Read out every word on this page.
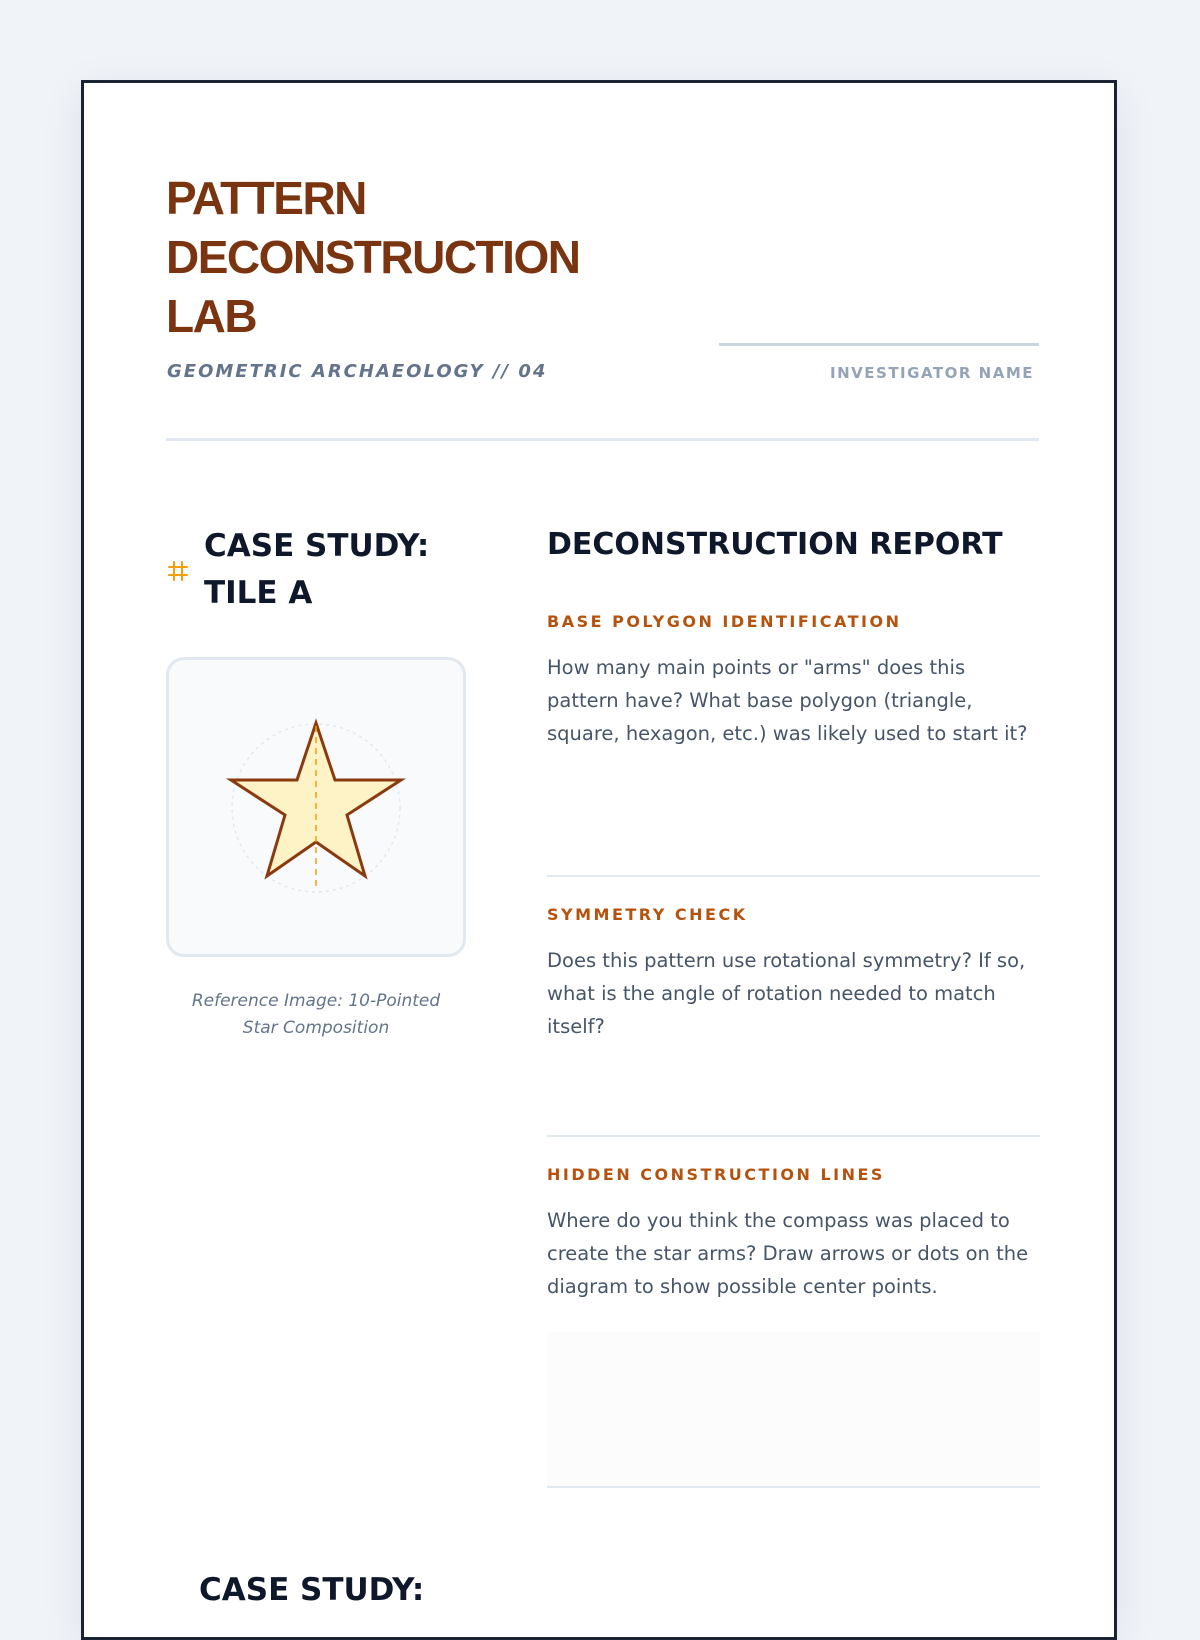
PATTERN
DECONSTRUCTION
LAB
GEOMETRIC ARCHAEOLOGY // 04	INVESTIGATOR NAME
CASE STUDY:
TILE A
Reference Image: 10-Pointed
Star Composition
DECONSTRUCTION REPORT
BASE POLYGON IDENTIFICATION
How many main points or "arms" does this pattern have? What base polygon (triangle, square, hexagon, etc.) was likely used to start it?
SYMMETRY CHECK
Does this pattern use rotational symmetry? If so, what is the angle of rotation needed to match itself?
HIDDEN CONSTRUCTION LINES
Where do you think the compass was placed to create the star arms? Draw arrows or dots on the diagram to show possible center points.
CASE STUDY:
